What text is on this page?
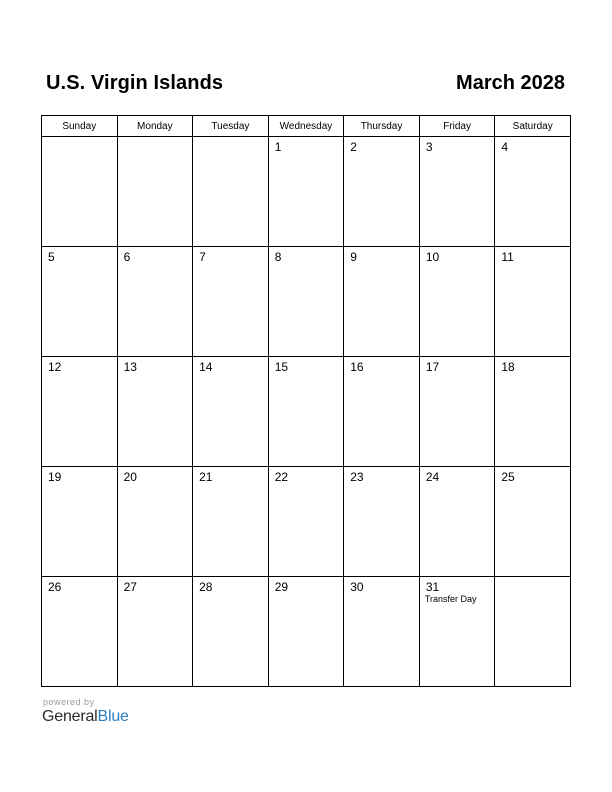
U.S. Virgin Islands	March 2028
Sunday	Monday	Tuesday	Wednesday	Thursday	Friday	Saturday

			1	2	3	4

5	6	7	8	9	10	11

12	13	14	15	16	17	18

19	20	21	22	23	24	25

26	27	28	29	30	31
Transfer Day	

powered by
GeneralBlue
